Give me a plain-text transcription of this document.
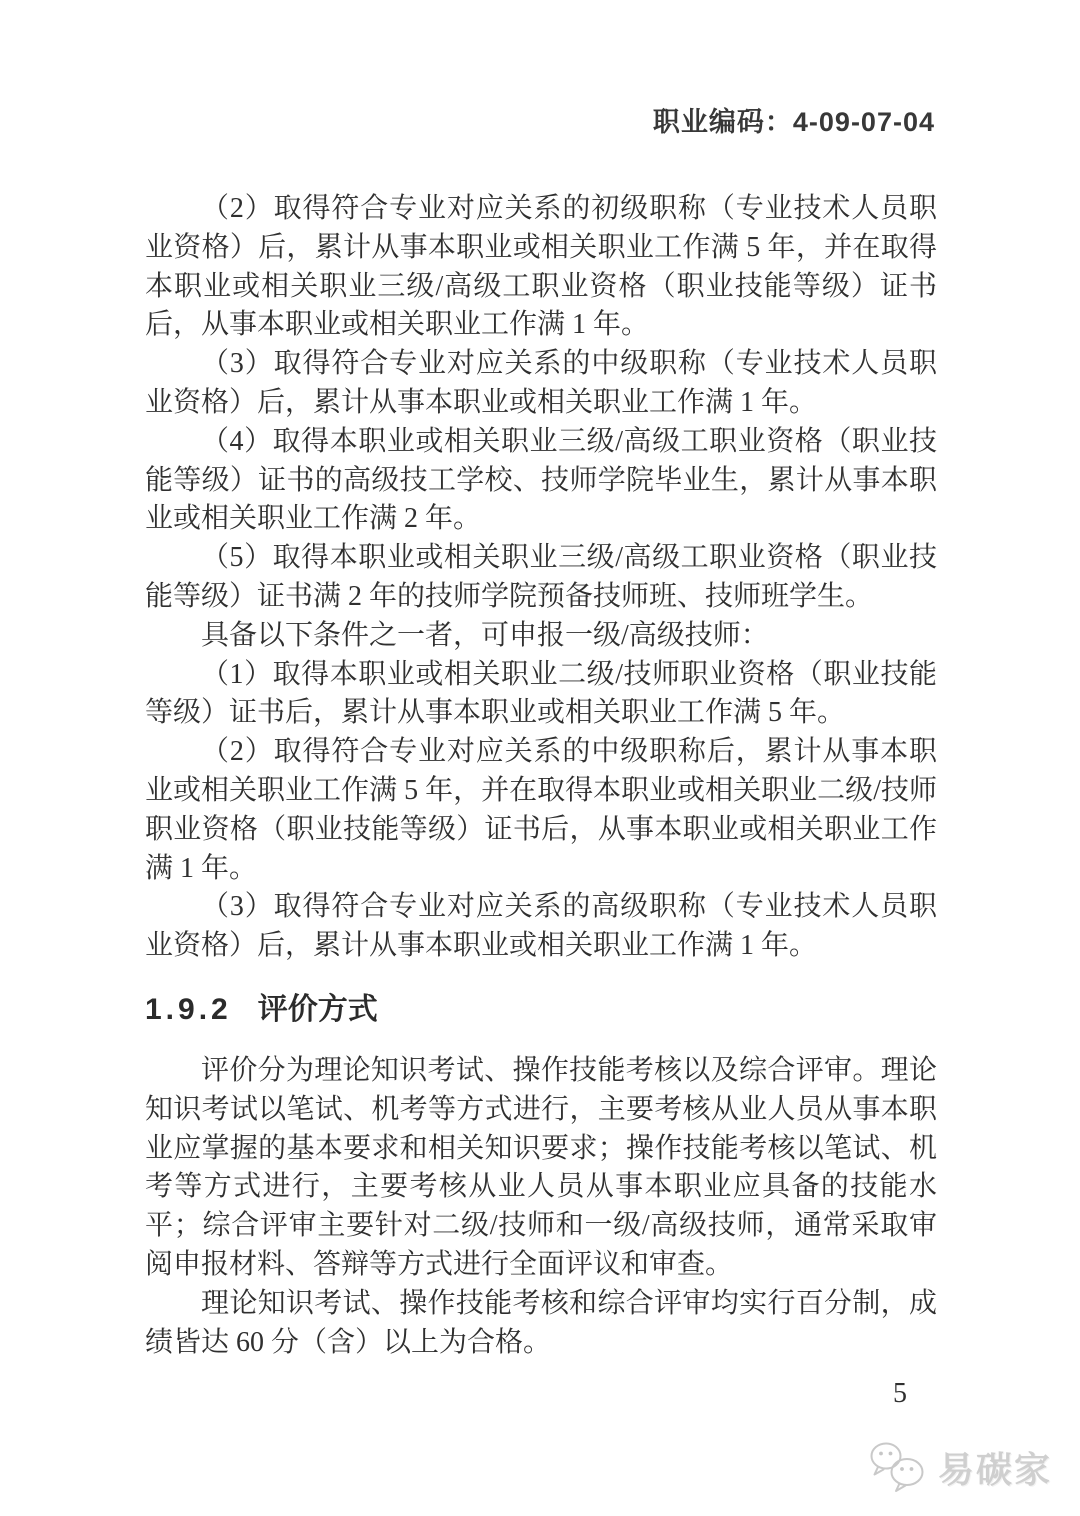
职业编码：4-09-07-04

（2）取得符合专业对应关系的初级职称（专业技术人员职业资格）后，累计从事本职业或相关职业工作满 5 年，并在取得本职业或相关职业三级/高级工职业资格（职业技能等级）证书后，从事本职业或相关职业工作满 1 年。

（3）取得符合专业对应关系的中级职称（专业技术人员职业资格）后，累计从事本职业或相关职业工作满 1 年。

（4）取得本职业或相关职业三级/高级工职业资格（职业技能等级）证书的高级技工学校、技师学院毕业生，累计从事本职业或相关职业工作满 2 年。

（5）取得本职业或相关职业三级/高级工职业资格（职业技能等级）证书满 2 年的技师学院预备技师班、技师班学生。

具备以下条件之一者，可申报一级/高级技师：

（1）取得本职业或相关职业二级/技师职业资格（职业技能等级）证书后，累计从事本职业或相关职业工作满 5 年。

（2）取得符合专业对应关系的中级职称后，累计从事本职业或相关职业工作满 5 年，并在取得本职业或相关职业二级/技师职业资格（职业技能等级）证书后，从事本职业或相关职业工作满 1 年。

（3）取得符合专业对应关系的高级职称（专业技术人员职业资格）后，累计从事本职业或相关职业工作满 1 年。

1.9.2 评价方式

评价分为理论知识考试、操作技能考核以及综合评审。理论知识考试以笔试、机考等方式进行，主要考核从业人员从事本职业应掌握的基本要求和相关知识要求；操作技能考核以笔试、机考等方式进行，主要考核从业人员从事本职业应具备的技能水平；综合评审主要针对二级/技师和一级/高级技师，通常采取审阅申报材料、答辩等方式进行全面评议和审查。

理论知识考试、操作技能考核和综合评审均实行百分制，成绩皆达 60 分（含）以上为合格。

5
易碳家
